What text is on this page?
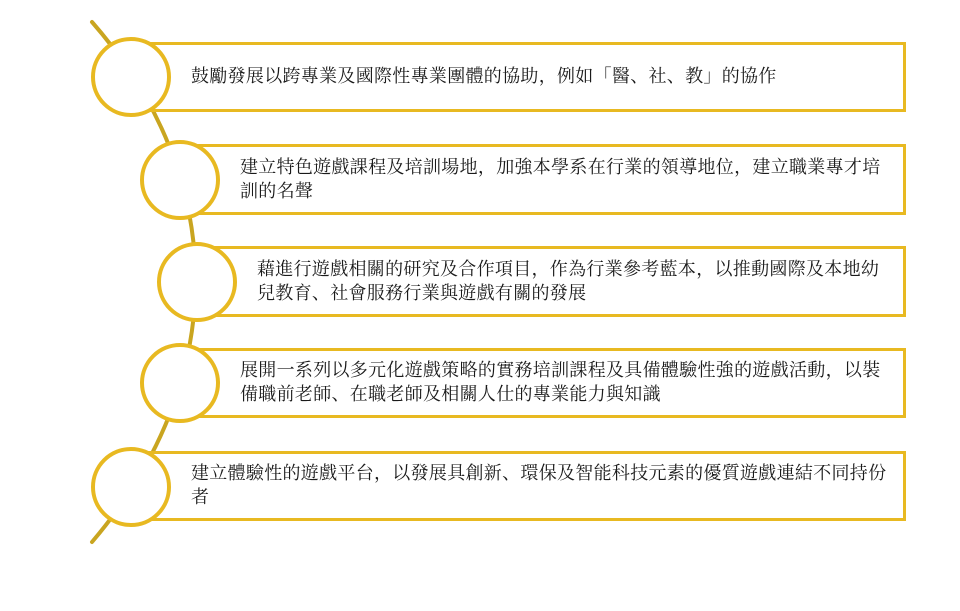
鼓勵發展以跨專業及國際性專業團體的協助，例如「醫、社、教」的協作
建立特色遊戲課程及培訓場地，加強本學系在行業的領導地位，建立職業專才培訓的名聲
藉進行遊戲相關的研究及合作項目，作為行業參考藍本，以推動國際及本地幼兒教育、社會服務行業與遊戲有關的發展
展開一系列以多元化遊戲策略的實務培訓課程及具備體驗性強的遊戲活動，以裝備職前老師、在職老師及相關人仕的專業能力與知識
建立體驗性的遊戲平台，以發展具創新、環保及智能科技元素的優質遊戲連結不同持份者
